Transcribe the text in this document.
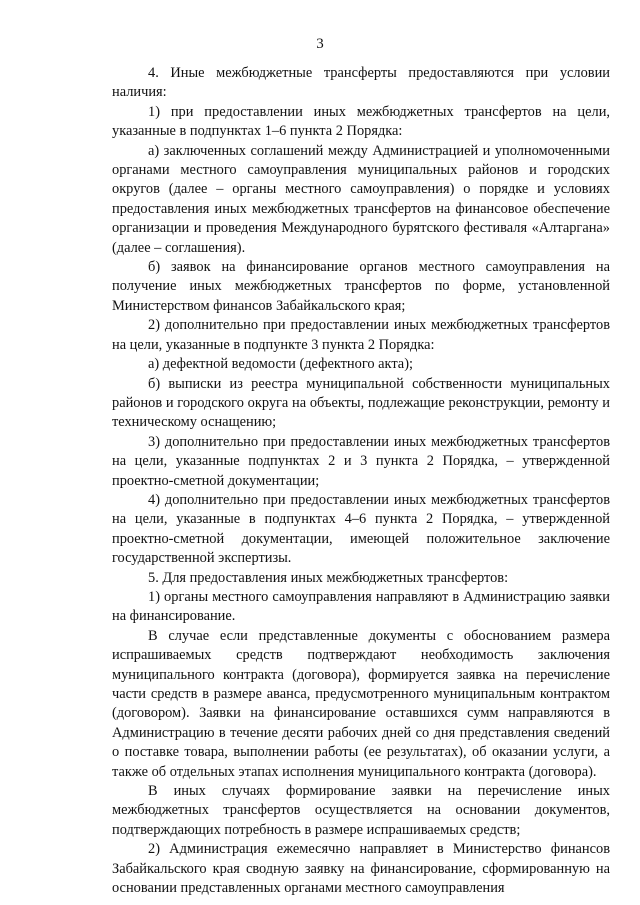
3

4. Иные межбюджетные трансферты предоставляются при условии наличия:

1) при предоставлении иных межбюджетных трансфертов на цели, указанные в подпунктах 1–6 пункта 2 Порядка:

а) заключенных соглашений между Администрацией и уполномоченными органами местного самоуправления муниципальных районов и городских округов (далее – органы местного самоуправления) о порядке и условиях предоставления иных межбюджетных трансфертов на финансовое обеспечение организации и проведения Международного бурятского фестиваля «Алтаргана» (далее – соглашения).

б) заявок на финансирование органов местного самоуправления на получение иных межбюджетных трансфертов по форме, установленной Министерством финансов Забайкальского края;

2) дополнительно при предоставлении иных межбюджетных трансфертов на цели, указанные в подпункте 3 пункта 2 Порядка:

а) дефектной ведомости (дефектного акта);

б) выписки из реестра муниципальной собственности муниципальных районов и городского округа на объекты, подлежащие реконструкции, ремонту и техническому оснащению;

3) дополнительно при предоставлении иных межбюджетных трансфертов на цели, указанные подпунктах 2 и 3 пункта 2 Порядка, – утвержденной проектно-сметной документации;

4) дополнительно при предоставлении иных межбюджетных трансфертов на цели, указанные в подпунктах 4–6 пункта 2 Порядка, – утвержденной проектно-сметной документации, имеющей положительное заключение государственной экспертизы.

5. Для предоставления иных межбюджетных трансфертов:

1) органы местного самоуправления направляют в Администрацию заявки на финансирование.

В случае если представленные документы с обоснованием размера испрашиваемых средств подтверждают необходимость заключения муниципального контракта (договора), формируется заявка на перечисление части средств в размере аванса, предусмотренного муниципальным контрактом (договором). Заявки на финансирование оставшихся сумм направляются в Администрацию в течение десяти рабочих дней со дня представления сведений о поставке товара, выполнении работы (ее результатах), об оказании услуги, а также об отдельных этапах исполнения муниципального контракта (договора).

В иных случаях формирование заявки на перечисление иных межбюджетных трансфертов осуществляется на основании документов, подтверждающих потребность в размере испрашиваемых средств;

2) Администрация ежемесячно направляет в Министерство финансов Забайкальского края сводную заявку на финансирование, сформированную на основании представленных органами местного самоуправления
